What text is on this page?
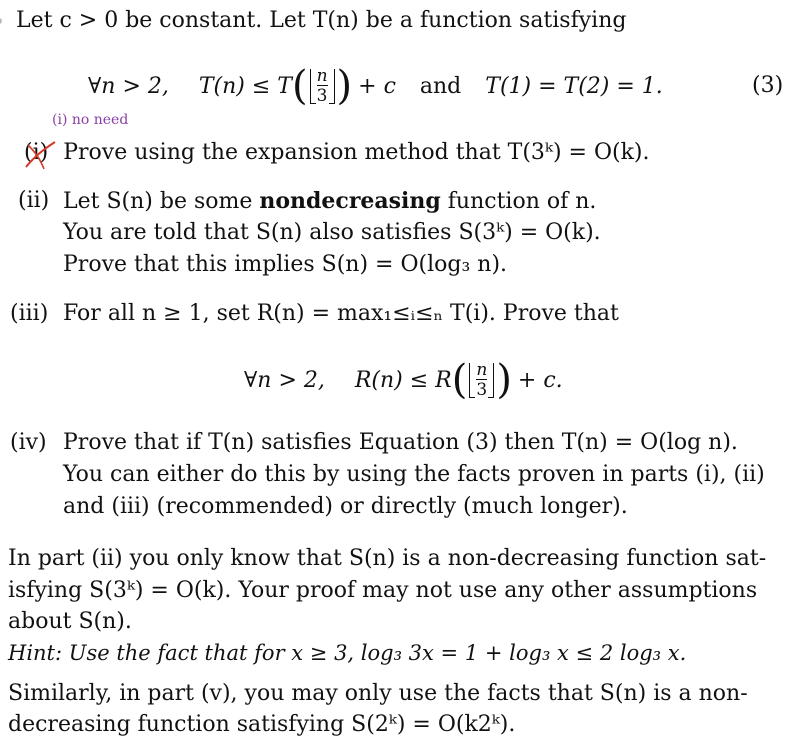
Let c > 0 be constant. Let T(n) be a function satisfying
∀n > 2, T(n) ≤ T ( $\frac{n}{3}$ ) + c and T(1) = T(2) = 1.	(3)
(i) no need
(i) Prove using the expansion method that T(3ᵏ) = O(k).
(ii) Let S(n) be some nondecreasing function of n.
You are told that S(n) also satisfies S(3ᵏ) = O(k).
Prove that this implies S(n) = O(log₃ n).
(iii) For all n ≥ 1, set R(n) = max₁≤ᵢ≤ₙ T(i). Prove that
∀n > 2, R(n) ≤ R ( $\frac{n}{3}$ ) + c.
(iv) Prove that if T(n) satisfies Equation (3) then T(n) = O(log n).
You can either do this by using the facts proven in parts (i), (ii)
and (iii) (recommended) or directly (much longer).
In part (ii) you only know that S(n) is a non-decreasing function sat-
isfying S(3ᵏ) = O(k). Your proof may not use any other assumptions
about S(n).
Hint: Use the fact that for x ≥ 3, log₃ 3x = 1 + log₃ x ≤ 2 log₃ x.
Similarly, in part (v), you may only use the facts that S(n) is a non-
decreasing function satisfying S(2ᵏ) = O(k2ᵏ).
